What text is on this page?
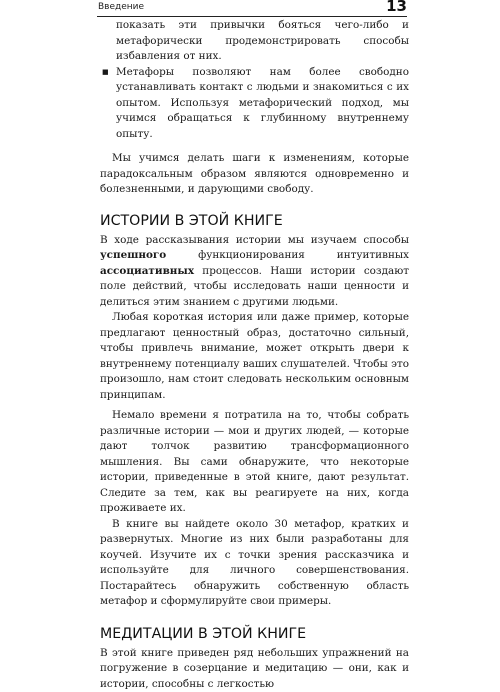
Введение	13

показать эти привычки бояться чего-либо и метафорически продемонстрировать способы избавления от них.

■ Метафоры позволяют нам более свободно устанавливать контакт с людьми и знакомиться с их опытом. Используя метафорический подход, мы учимся обращаться к глубинному внутреннему опыту.

Мы учимся делать шаги к изменениям, которые парадоксальным образом являются одновременно и болезненными, и дарующими свободу.

ИСТОРИИ В ЭТОЙ КНИГЕ

В ходе рассказывания истории мы изучаем способы успешного функционирования интуитивных ассоциативных процессов. Наши истории создают поле действий, чтобы исследовать наши ценности и делиться этим знанием с другими людьми.

Любая короткая история или даже пример, которые предлагают ценностный образ, достаточно сильный, чтобы привлечь внимание, может открыть двери к внутреннему потенциалу ваших слушателей. Чтобы это произошло, нам стоит следовать нескольким основным принципам.

Немало времени я потратила на то, чтобы собрать различные истории — мои и других людей, — которые дают толчок развитию трансформационного мышления. Вы сами обнаружите, что некоторые истории, приведенные в этой книге, дают результат. Следите за тем, как вы реагируете на них, когда проживаете их.

В книге вы найдете около 30 метафор, кратких и развернутых. Многие из них были разработаны для коучей. Изучите их с точки зрения рассказчика и используйте для личного совершенствования. Постарайтесь обнаружить собственную область метафор и сформулируйте свои примеры.

МЕДИТАЦИИ В ЭТОЙ КНИГЕ

В этой книге приведен ряд небольших упражнений на погружение в созерцание и медитацию — они, как и истории, способны с легкостью
